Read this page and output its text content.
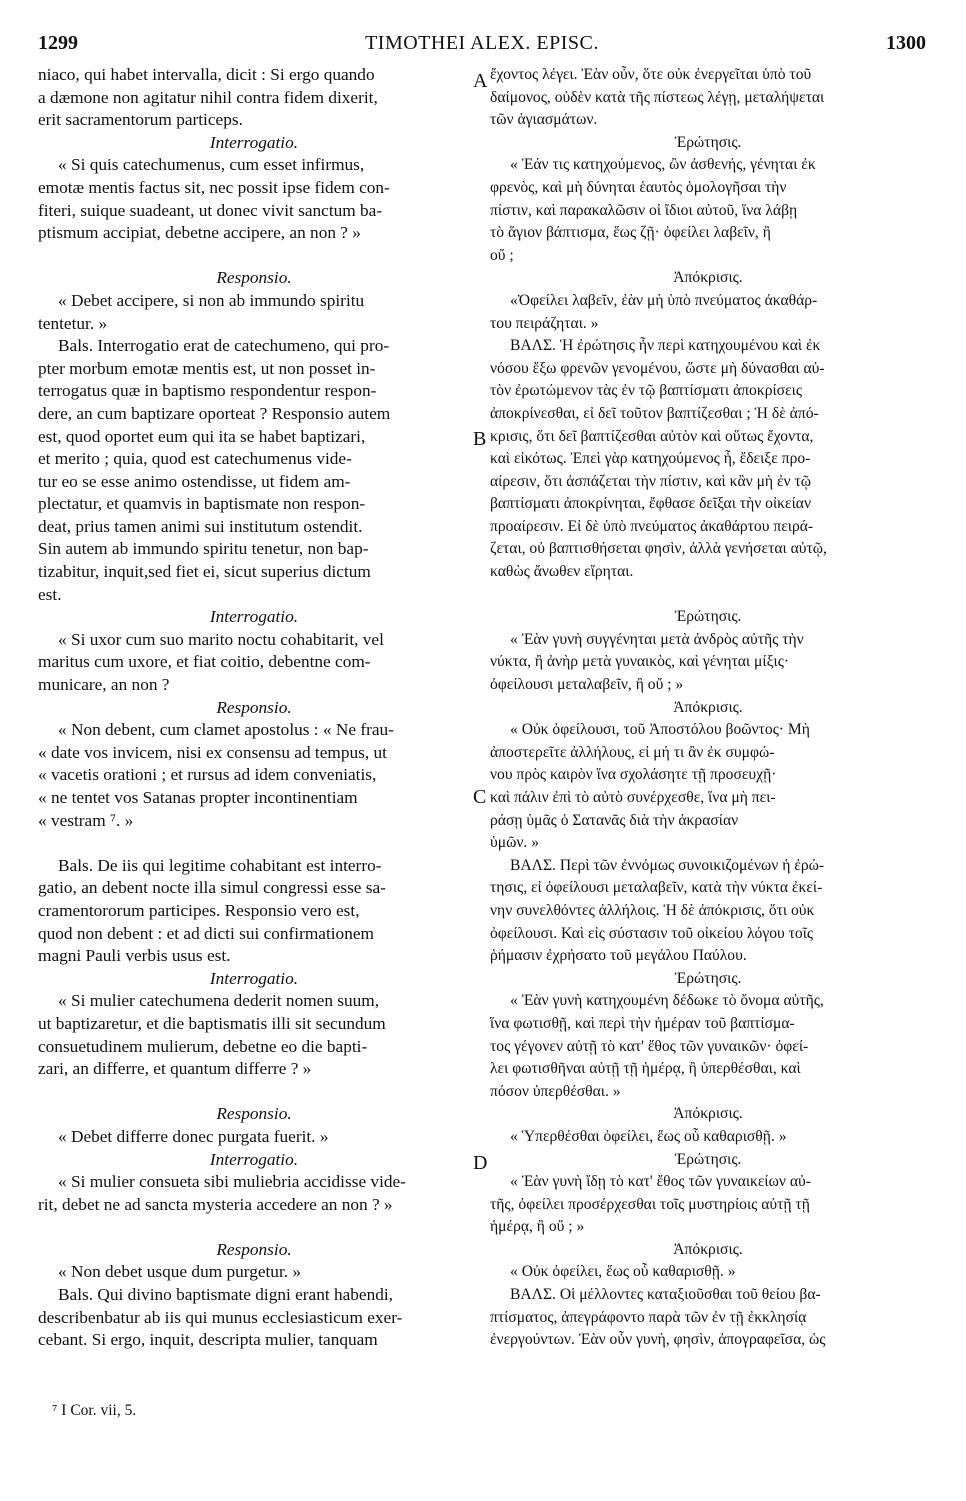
1299	TIMOTHEI ALEX. EPISC.	1300
niaco, qui habet intervalla, dicit : Si ergo quando
a dæmone non agitatur nihil contra fidem dixerit,
erit sacramentorum particeps.
Interrogatio.
« Si quis catechumenus, cum esset infirmus,
emotæ mentis factus sit, nec possit ipse fidem con-
fiteri, suique suadeant, ut donec vivit sanctum ba-
ptismum accipiat, debetne accipere, an non ? »
Responsio.
« Debet accipere, si non ab immundo spiritu
tentetur. »
Bals. Interrogatio erat de catechumeno, qui pro-
pter morbum emotæ mentis est, ut non posset in-
terrogatus quæ in baptismo respondentur respon-
dere, an cum baptizare oporteat ? Responsio autem
est, quod oportet eum qui ita se habet baptizari,
et merito ; quia, quod est catechumenus vide-
tur eo se esse animo ostendisse, ut fidem am-
plectatur, et quamvis in baptismate non respon-
deat, prius tamen animi sui institutum ostendit.
Sin autem ab immundo spiritu tenetur, non bap-
tizabitur, inquit,sed fiet ei, sicut superius dictum
est.
Interrogatio.
« Si uxor cum suo marito noctu cohabitarit, vel
maritus cum uxore, et fiat coitio, debentne com-
municare, an non ?
Responsio.
« Non debent, cum clamet apostolus : « Ne frau-
« date vos invicem, nisi ex consensu ad tempus, ut
« vacetis orationi ; et rursus ad idem conveniatis,
« ne tentet vos Satanas propter incontinentiam
« vestram ⁷. »
Bals. De iis qui legitime cohabitant est interro-
gatio, an debent nocte illa simul congressi esse sa-
cramentororum participes. Responsio vero est,
quod non debent : et ad dicti sui confirmationem
magni Pauli verbis usus est.
Interrogatio.
« Si mulier catechumena dederit nomen suum,
ut baptizaretur, et die baptismatis illi sit secundum
consuetudinem mulierum, debetne eo die bapti-
zari, an differre, et quantum differre ? »
Responsio.
« Debet differre donec purgata fuerit. »
Interrogatio.
« Si mulier consueta sibi muliebria accidisse vide-
rit, debet ne ad sancta mysteria accedere an non ? »
Responsio.
« Non debet usque dum purgetur. »
Bals. Qui divino baptismate digni erant habendi,
describenbatur ab iis qui munus ecclesiasticum exer-
cebant. Si ergo, inquit, descripta mulier, tanquam
ἔχοντος λέγει. Ἐὰν οὖν, ὅτε οὐκ ἐνεργεῖται ὑπὸ τοῦ
δαίμονος, οὐδὲν κατὰ τῆς πίστεως λέγῃ, μεταλήψεται
τῶν ἁγιασμάτων.
Ἐρώτησις.
« Ἐάν τις κατηχούμενος, ὢν ἀσθενής, γένηται ἐκ
φρενὸς, καὶ μὴ δύνηται ἑαυτὸς ὁμολογῆσαι τὴν
πίστιν, καὶ παρακαλῶσιν οἱ ἴδιοι αὐτοῦ, ἵνα λάβῃ
τὸ ἅγιον βάπτισμα, ἕως ζῇ· ὀφείλει λαβεῖν, ἢ
οὔ ;
Ἀπόκρισις.
«Ὀφείλει λαβεῖν, ἐὰν μὴ ὑπὸ πνεύματος ἀκαθάρ-
του πειράζηται. »
ΒΑΛΣ. Ἡ ἐρώτησις ἦν περὶ κατηχουμένου καὶ ἐκ
νόσου ἔξω φρενῶν γενομένου, ὥστε μὴ δύνασθαι αὐ-
τὸν ἐρωτώμενον τὰς ἐν τῷ βαπτίσματι ἀποκρίσεις
ἀποκρίνεσθαι, εἰ δεῖ τοῦτον βαπτίζεσθαι ; Ἡ δὲ ἀπό-
κρισις, ὅτι δεῖ βαπτίζεσθαι αὐτὸν καὶ οὕτως ἔχοντα,
καὶ εἰκότως. Ἐπεὶ γὰρ κατηχούμενος ἦ, ἔδειξε προ-
αίρεσιν, ὅτι ἀσπάζεται τὴν πίστιν, καὶ κἂν μὴ ἐν τῷ
βαπτίσματι ἀποκρίνηται, ἔφθασε δεῖξαι τὴν οἰκείαν
προαίρεσιν. Εἰ δὲ ὑπὸ πνεύματος ἀκαθάρτου πειρά-
ζεται, οὐ βαπτισθήσεται φησὶν, ἀλλὰ γενήσεται αὐτῷ,
καθὼς ἄνωθεν εἴρηται.
Ἐρώτησις.
« Ἐὰν γυνὴ συγγένηται μετὰ ἀνδρὸς αὐτῆς τὴν
νύκτα, ἢ ἀνὴρ μετὰ γυναικὸς, καὶ γένηται μίξις·
ὀφείλουσι μεταλαβεῖν, ἢ οὔ ; »
Ἀπόκρισις.
« Οὐκ ὀφείλουσι, τοῦ Ἀποστόλου βοῶντος· Μὴ
ἀποστερεῖτε ἀλλήλους, εἰ μή τι ἂν ἐκ συμφώ-
νου πρὸς καιρὸν ἵνα σχολάσητε τῇ προσευχῇ·
καὶ πάλιν ἐπὶ τὸ αὐτὸ συνέρχεσθε, ἵνα μὴ πει-
ράσῃ ὑμᾶς ὁ Σατανᾶς διὰ τὴν ἀκρασίαν
ὑμῶν. »
ΒΑΛΣ. Περὶ τῶν ἐννόμως συνοικιζομένων ἡ ἐρώ-
τησις, εἰ ὀφείλουσι μεταλαβεῖν, κατὰ τὴν νύκτα ἐκεί-
νην συνελθόντες ἀλλήλοις. Ἡ δὲ ἀπόκρισις, ὅτι οὐκ
ὀφείλουσι. Καὶ εἰς σύστασιν τοῦ οἰκείου λόγου τοῖς
ῥήμασιν ἐχρήσατο τοῦ μεγάλου Παύλου.
Ἐρώτησις.
« Ἐὰν γυνὴ κατηχουμένη δέδωκε τὸ ὄνομα αὐτῆς,
ἵνα φωτισθῇ, καὶ περὶ τὴν ἡμέραν τοῦ βαπτίσμα-
τος γέγονεν αὐτῇ τὸ κατ' ἔθος τῶν γυναικῶν· ὀφεί-
λει φωτισθῆναι αὐτῇ τῇ ἡμέρᾳ, ἢ ὑπερθέσθαι, καὶ
πόσον ὑπερθέσθαι. »
Ἀπόκρισις.
« Ὑπερθέσθαι ὀφείλει, ἕως οὗ καθαρισθῇ. »
Ἐρώτησις.
« Ἐὰν γυνὴ ἴδῃ τὸ κατ' ἔθος τῶν γυναικείων αὐ-
τῆς, ὀφείλει προσέρχεσθαι τοῖς μυστηρίοις αὐτῇ τῇ
ἡμέρᾳ, ἢ οὔ ; »
Ἀπόκρισις.
« Οὐκ ὀφείλει, ἕως οὗ καθαρισθῇ. »
ΒΑΛΣ. Οἱ μέλλοντες καταξιοῦσθαι τοῦ θείου βα-
πτίσματος, ἀπεγράφοντο παρὰ τῶν ἐν τῇ ἐκκλησίᾳ
ἐνεργούντων. Ἐὰν οὖν γυνὴ, φησὶν, ἀπογραφεῖσα, ὡς
A
B
C
D
⁷ I Cor. vii, 5.
